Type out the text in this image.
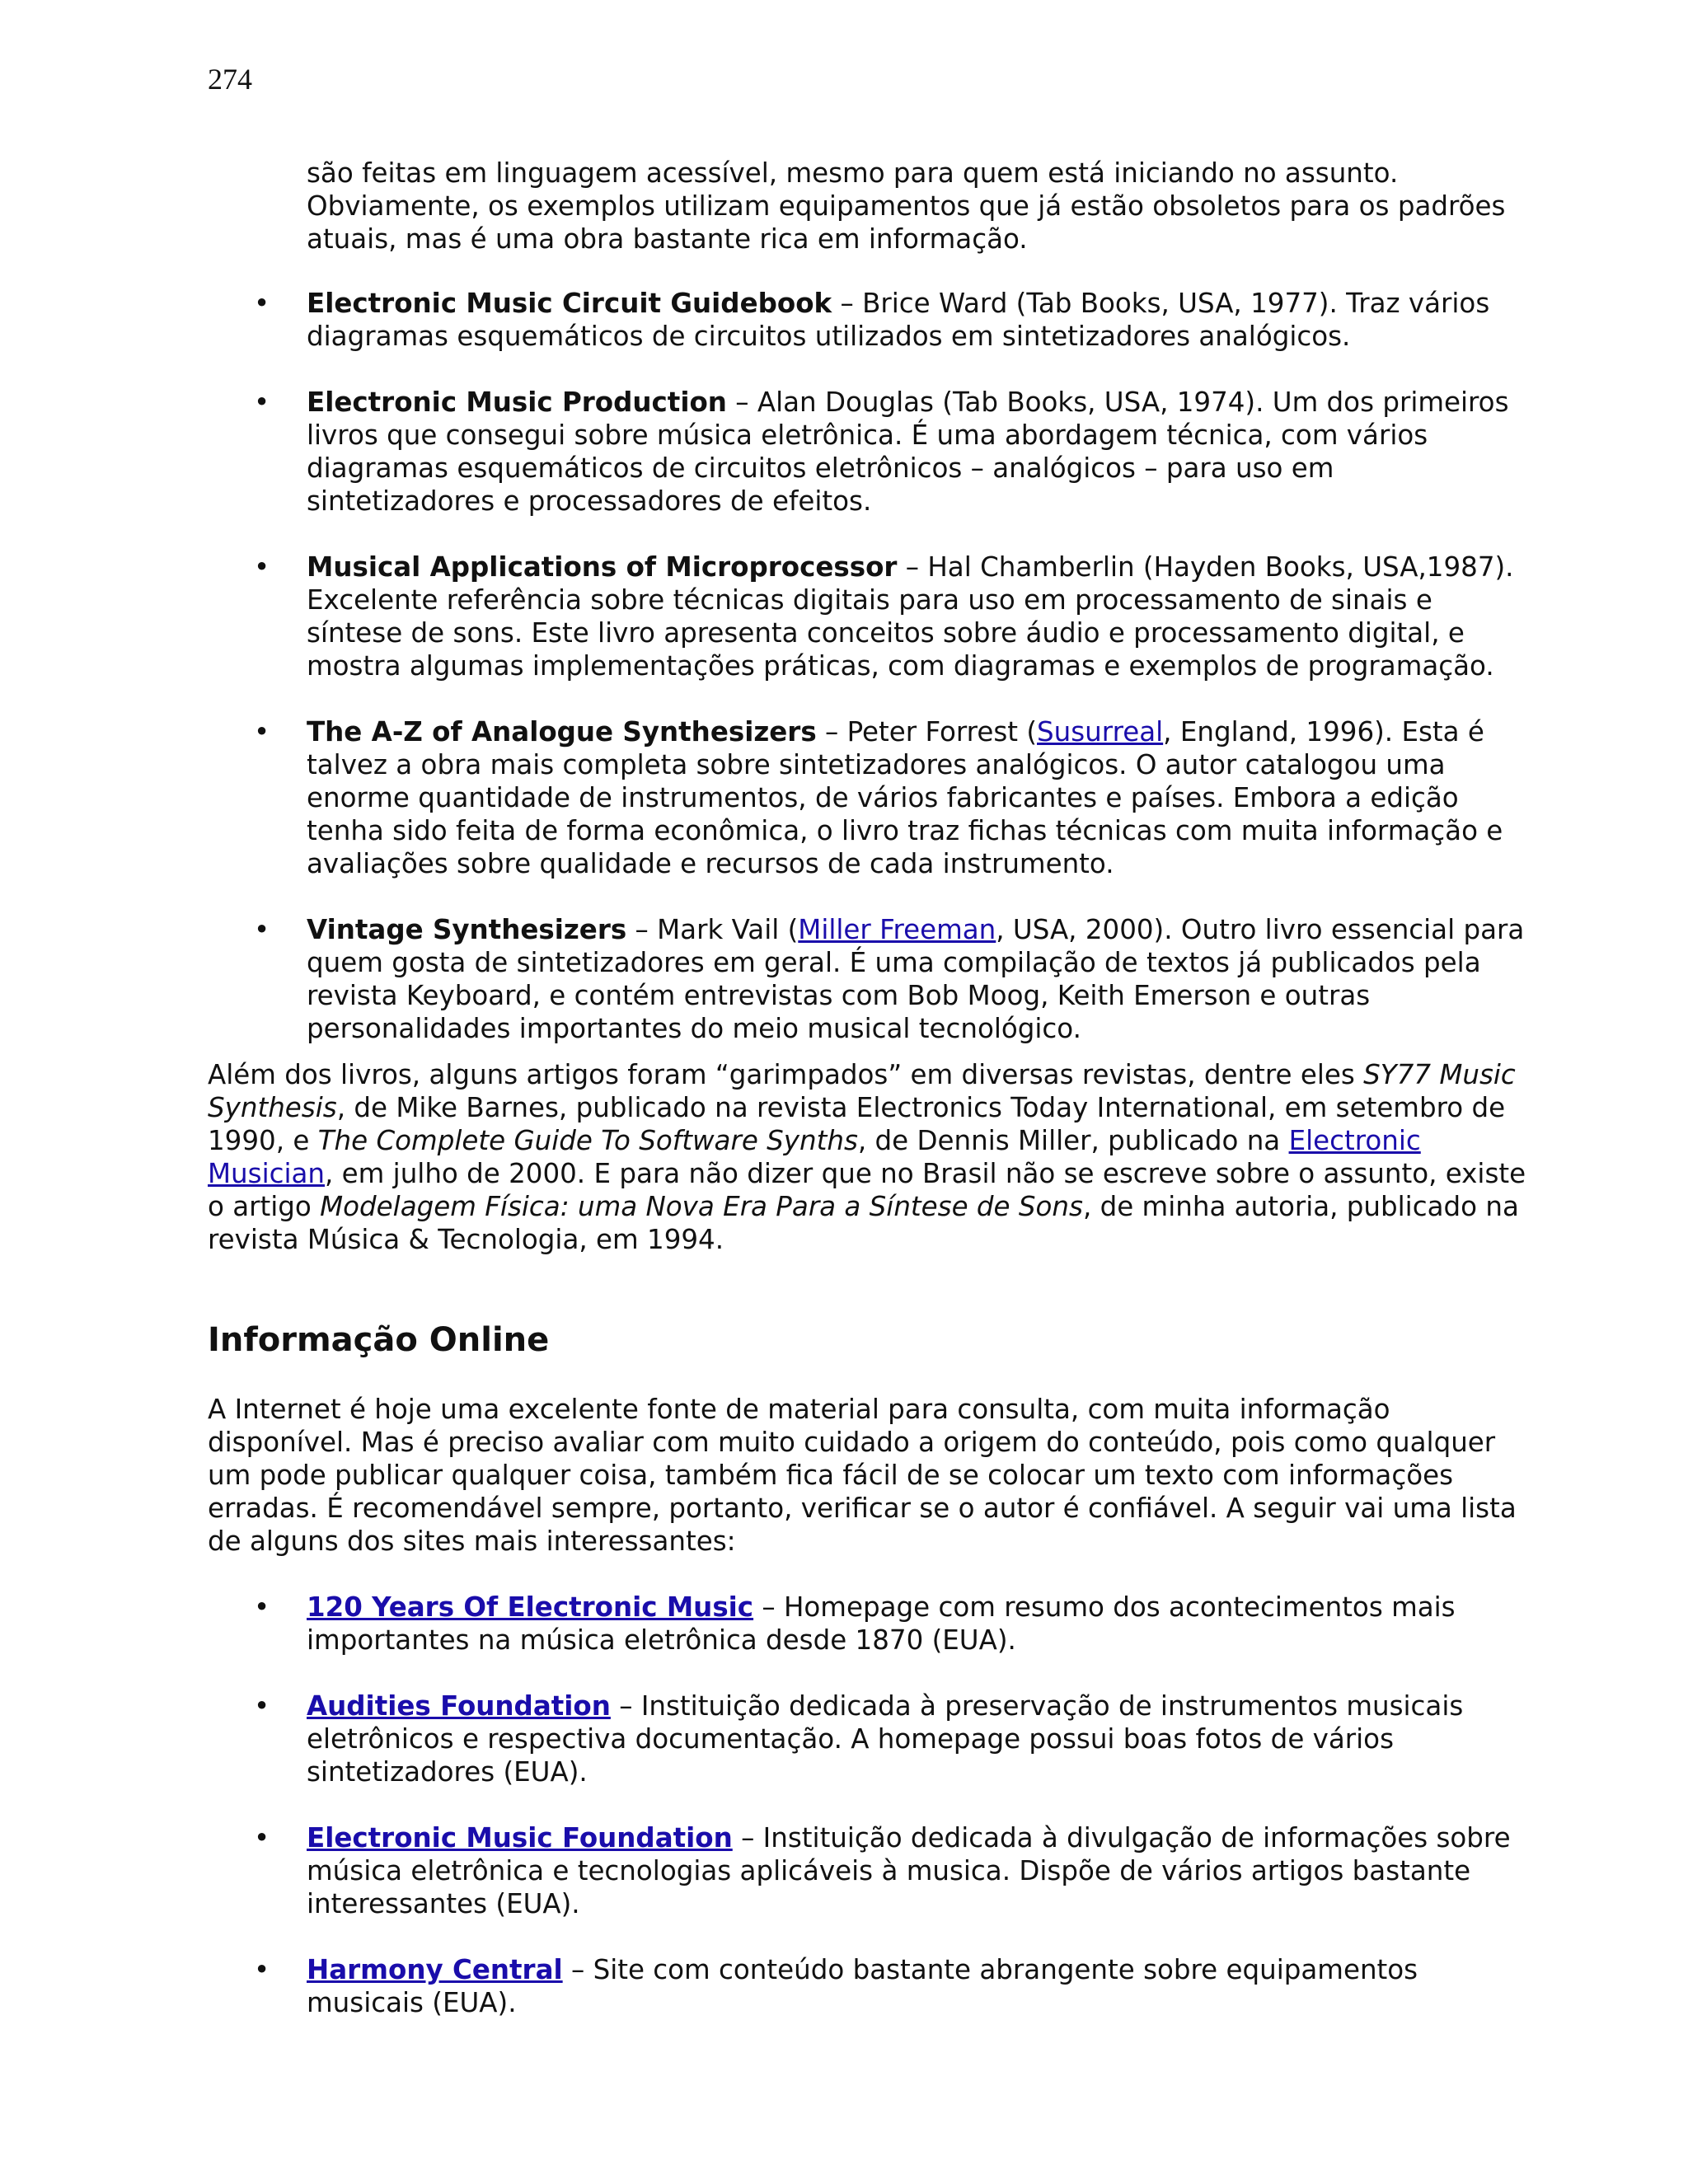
274

são feitas em linguagem acessível, mesmo para quem está iniciando no assunto. Obviamente, os exemplos utilizam equipamentos que já estão obsoletos para os padrões atuais, mas é uma obra bastante rica em informação.

• Electronic Music Circuit Guidebook – Brice Ward (Tab Books, USA, 1977). Traz vários diagramas esquemáticos de circuitos utilizados em sintetizadores analógicos.
• Electronic Music Production – Alan Douglas (Tab Books, USA, 1974). Um dos primeiros livros que consegui sobre música eletrônica. É uma abordagem técnica, com vários diagramas esquemáticos de circuitos eletrônicos – analógicos – para uso em sintetizadores e processadores de efeitos.
• Musical Applications of Microprocessor – Hal Chamberlin (Hayden Books, USA,1987). Excelente referência sobre técnicas digitais para uso em processamento de sinais e síntese de sons. Este livro apresenta conceitos sobre áudio e processamento digital, e mostra algumas implementações práticas, com diagramas e exemplos de programação.
• The A-Z of Analogue Synthesizers – Peter Forrest (Susurreal, England, 1996). Esta é talvez a obra mais completa sobre sintetizadores analógicos. O autor catalogou uma enorme quantidade de instrumentos, de vários fabricantes e países. Embora a edição tenha sido feita de forma econômica, o livro traz fichas técnicas com muita informação e avaliações sobre qualidade e recursos de cada instrumento.
• Vintage Synthesizers – Mark Vail (Miller Freeman, USA, 2000). Outro livro essencial para quem gosta de sintetizadores em geral. É uma compilação de textos já publicados pela revista Keyboard, e contém entrevistas com Bob Moog, Keith Emerson e outras personalidades importantes do meio musical tecnológico.

Além dos livros, alguns artigos foram “garimpados” em diversas revistas, dentre eles SY77 Music Synthesis, de Mike Barnes, publicado na revista Electronics Today International, em setembro de 1990, e The Complete Guide To Software Synths, de Dennis Miller, publicado na Electronic Musician, em julho de 2000. E para não dizer que no Brasil não se escreve sobre o assunto, existe o artigo Modelagem Física: uma Nova Era Para a Síntese de Sons, de minha autoria, publicado na revista Música & Tecnologia, em 1994.

Informação Online

A Internet é hoje uma excelente fonte de material para consulta, com muita informação disponível. Mas é preciso avaliar com muito cuidado a origem do conteúdo, pois como qualquer um pode publicar qualquer coisa, também fica fácil de se colocar um texto com informações erradas. É recomendável sempre, portanto, verificar se o autor é confiável. A seguir vai uma lista de alguns dos sites mais interessantes:

• 120 Years Of Electronic Music – Homepage com resumo dos acontecimentos mais importantes na música eletrônica desde 1870 (EUA).
• Audities Foundation – Instituição dedicada à preservação de instrumentos musicais eletrônicos e respectiva documentação. A homepage possui boas fotos de vários sintetizadores (EUA).
• Electronic Music Foundation – Instituição dedicada à divulgação de informações sobre música eletrônica e tecnologias aplicáveis à musica. Dispõe de vários artigos bastante interessantes (EUA).
• Harmony Central – Site com conteúdo bastante abrangente sobre equipamentos musicais (EUA).
